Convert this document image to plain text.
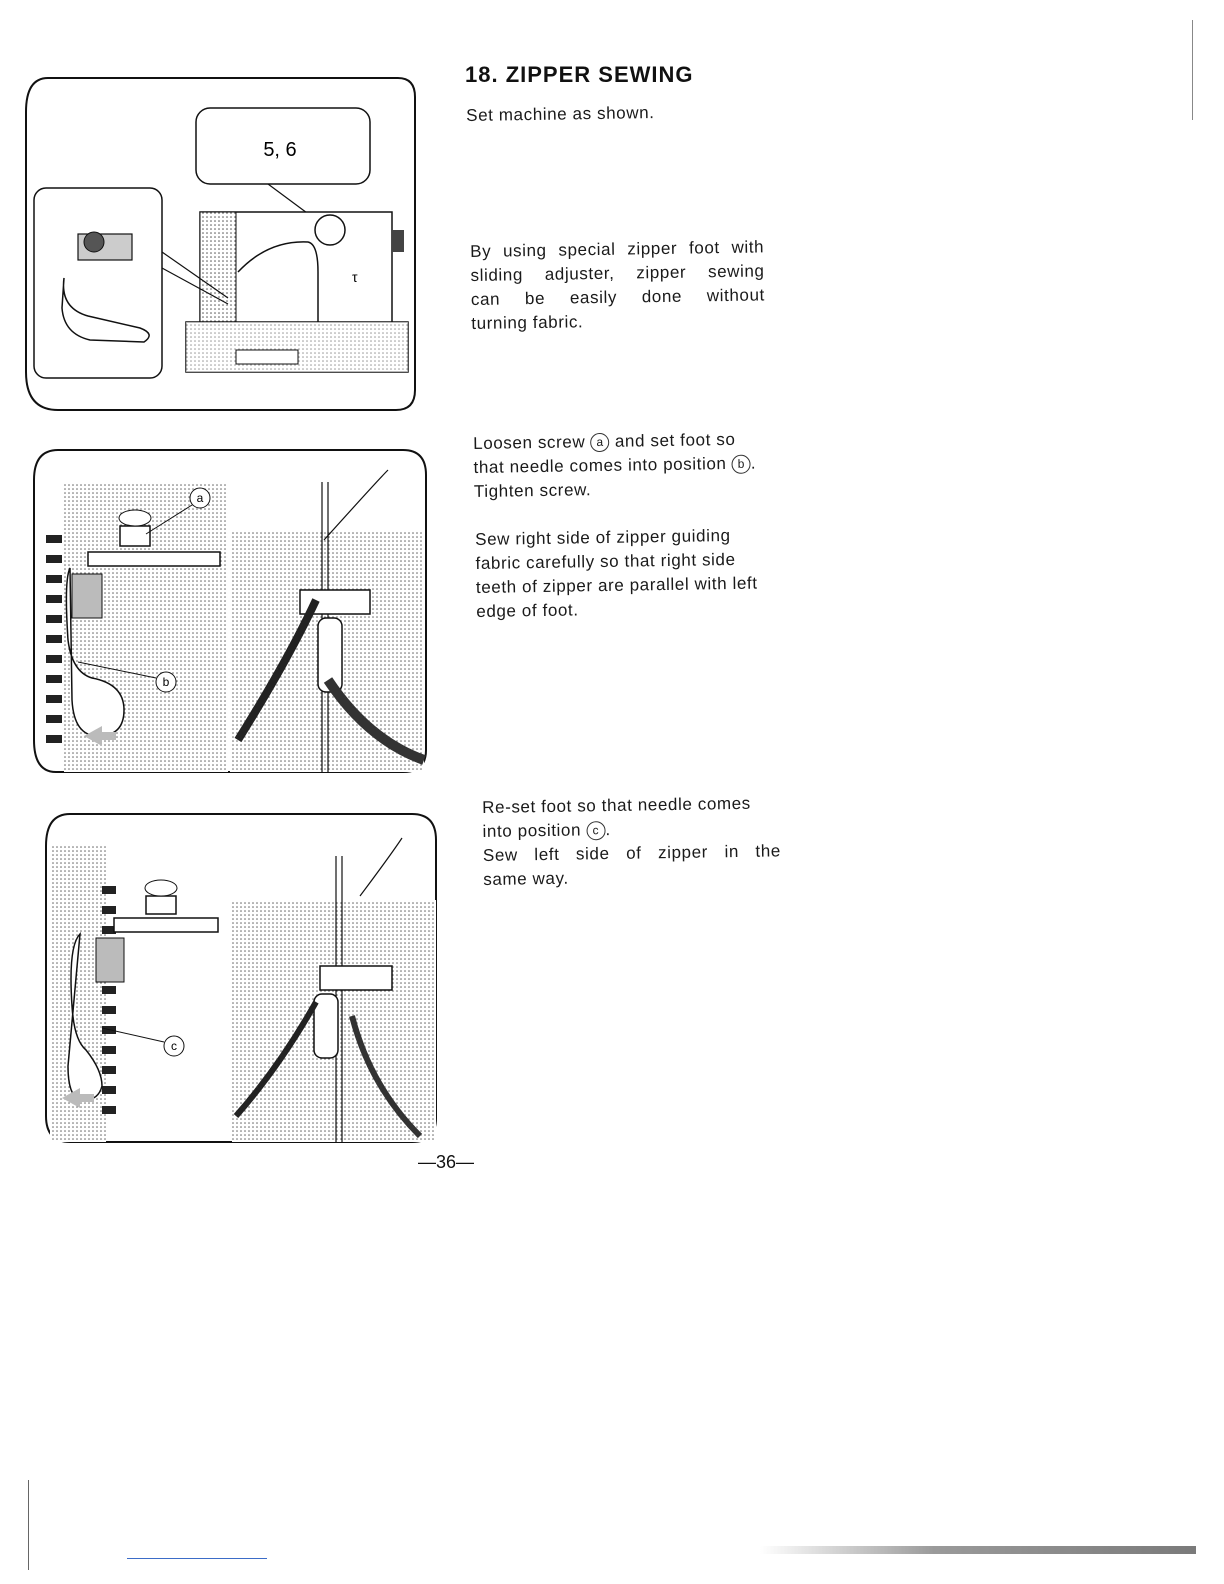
5, 6
τ
a
b
c
18. ZIPPER SEWING

Set machine as shown.

By using special zipper foot with
sliding adjuster, zipper sewing
can be easily done without
turning fabric.

Loosen screw a and set foot so that needle comes into position b . Tighten screw.

Sew right side of zipper guiding fabric carefully so that right side teeth of zipper are parallel with left edge of foot.

Re-set foot so that needle comes into position c .
Sew left side of zipper in the
same way.
—36—
